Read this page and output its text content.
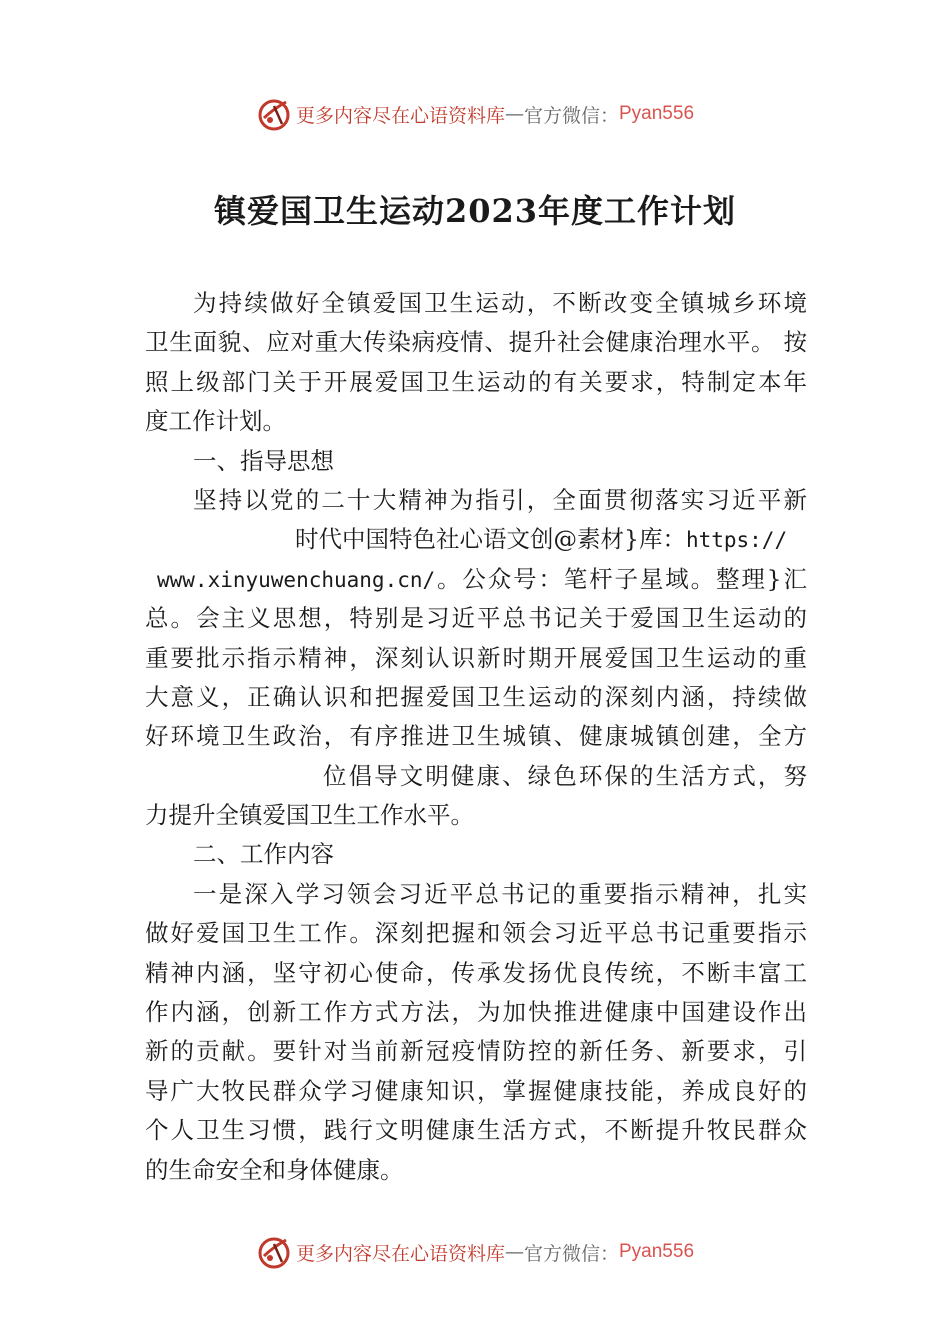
更多内容尽在心语资料库 — 官方微信： Pyan556
镇爱国卫生运动2023年度工作计划

为持续做好全镇爱国卫生运动，不断改变全镇城乡环境
卫生面貌、应对重大传染病疫情、提升社会健康治理水平。 按
照上级部门关于开展爱国卫生运动的有关要求，特制定本年
度工作计划。

一、指导思想

坚持以党的二十大精神为指引，全面贯彻落实习近平新
时代中国特色社心语文创@素材}库：https://
www.xinyuwenchuang.cn/。公众号：笔杆子星域。整理}汇
总。会主义思想，特别是习近平总书记关于爱国卫生运动的
重要批示指示精神，深刻认识新时期开展爱国卫生运动的重
大意义，正确认识和把握爱国卫生运动的深刻内涵，持续做
好环境卫生政治，有序推进卫生城镇、健康城镇创建，全方
位倡导文明健康、绿色环保的生活方式，努
力提升全镇爱国卫生工作水平。

二、工作内容

一是深入学习领会习近平总书记的重要指示精神，扎实
做好爱国卫生工作。深刻把握和领会习近平总书记重要指示
精神内涵，坚守初心使命，传承发扬优良传统，不断丰富工
作内涵，创新工作方式方法，为加快推进健康中国建设作出
新的贡献。要针对当前新冠疫情防控的新任务、新要求，引
导广大牧民群众学习健康知识，掌握健康技能，养成良好的
个人卫生习惯，践行文明健康生活方式，不断提升牧民群众
的生命安全和身体健康。

更多内容尽在心语资料库 — 官方微信： Pyan556
